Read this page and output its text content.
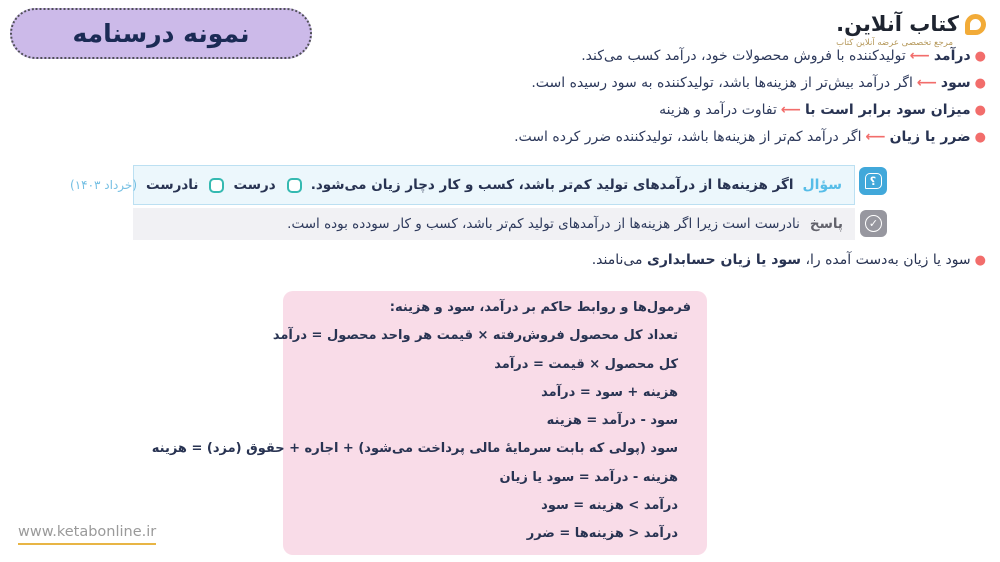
نمونه درسنامه	کتاب آنلاین.
مرجع تخصصی عرضه آنلاین کتاب
●درآمد⟵تولیدکننده با فروش محصولات خود، درآمد کسب می‌کند.
●سود⟵اگر درآمد بیش‌تر از هزینه‌ها باشد، تولیدکننده به سود رسیده است.
●میزان سود برابر است با⟵تفاوت درآمد و هزینه
●ضرر یا زیان⟵اگر درآمد کم‌تر از هزینه‌ها باشد، تولیدکننده ضرر کرده است.
؟
سؤال
اگر هزینه‌ها از درآمدهای تولید کم‌تر باشد، کسب و کار دچار زیان می‌شود.
درست
نادرست
(خرداد ۱۴۰۳)
✓
پاسخ
نادرست است زیرا اگر هزینه‌ها از درآمدهای تولید کم‌تر باشد، کسب و کار سودده بوده است.
●سود یا زیان به‌دست آمده را، سود یا زیان حسابداری می‌نامند.
فرمول‌ها و روابط حاکم بر درآمد، سود و هزینه:
تعداد کل محصول فروش‌رفته × قیمت هر واحد محصول = درآمد
کل محصول × قیمت = درآمد
هزینه + سود = درآمد
سود - درآمد = هزینه
سود (پولی که بابت سرمایهٔ مالی پرداخت می‌شود) + اجاره + حقوق (مزد) = هزینه
هزینه - درآمد = سود یا زیان
درآمد > هزینه = سود
درآمد < هزینه‌ها = ضرر
www.ketabonline.ir
